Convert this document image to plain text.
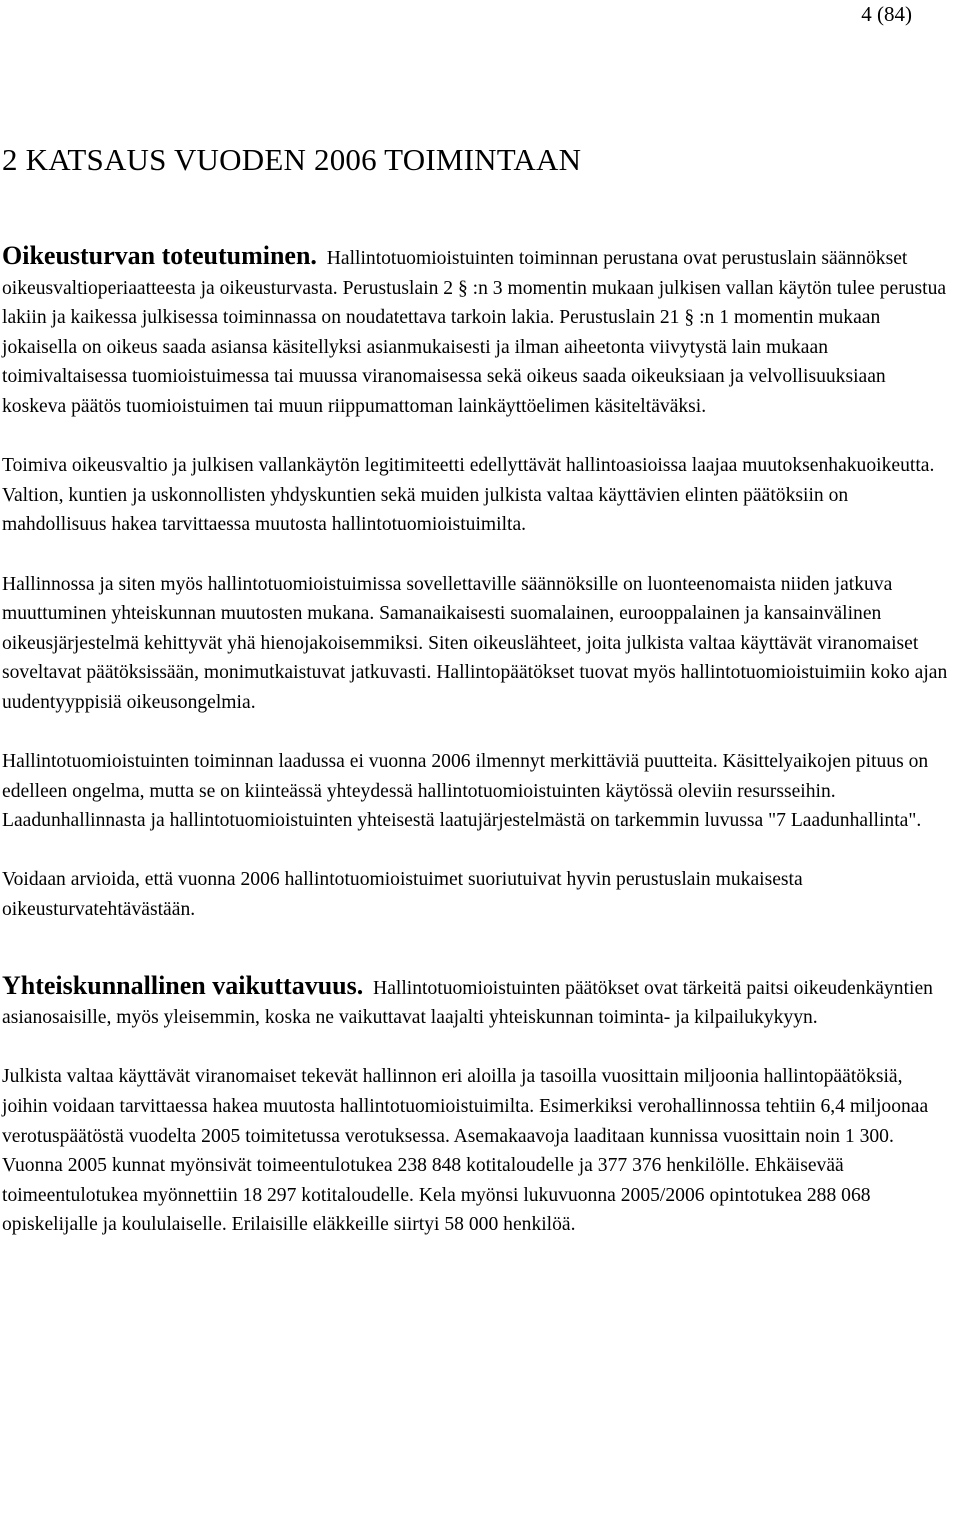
4 (84)
2 KATSAUS VUODEN 2006 TOIMINTAAN

Oikeusturvan toteutuminen. Hallintotuomioistuinten toiminnan perustana ovat perustuslain säännökset oikeusvaltioperiaatteesta ja oikeusturvasta. Perustuslain 2 § :n 3 momentin mukaan julkisen vallan käytön tulee perustua lakiin ja kaikessa julkisessa toiminnassa on noudatettava tarkoin lakia. Perustuslain 21 § :n 1 momentin mukaan jokaisella on oikeus saada asiansa käsitellyksi asianmukaisesti ja ilman aiheetonta viivytystä lain mukaan toimivaltaisessa tuomioistuimessa tai muussa viranomaisessa sekä oikeus saada oikeuksiaan ja velvollisuuksiaan koskeva päätös tuomioistuimen tai muun riippumattoman lainkäyttöelimen käsiteltäväksi.

Toimiva oikeusvaltio ja julkisen vallankäytön legitimiteetti edellyttävät hallintoasioissa laajaa muutoksenhakuoikeutta. Valtion, kuntien ja uskonnollisten yhdyskuntien sekä muiden julkista valtaa käyttävien elinten päätöksiin on mahdollisuus hakea tarvittaessa muutosta hallintotuomioistuimilta.

Hallinnossa ja siten myös hallintotuomioistuimissa sovellettaville säännöksille on luonteenomaista niiden jatkuva muuttuminen yhteiskunnan muutosten mukana. Samanaikaisesti suomalainen, eurooppalainen ja kansainvälinen oikeusjärjestelmä kehittyvät yhä hienojakoisemmiksi. Siten oikeuslähteet, joita julkista valtaa käyttävät viranomaiset soveltavat päätöksissään, monimutkaistuvat jatkuvasti. Hallintopäätökset tuovat myös hallintotuomioistuimiin koko ajan uudentyyppisiä oikeusongelmia.

Hallintotuomioistuinten toiminnan laadussa ei vuonna 2006 ilmennyt merkittäviä puutteita. Käsittelyaikojen pituus on edelleen ongelma, mutta se on kiinteässä yhteydessä hallintotuomioistuinten käytössä oleviin resursseihin. Laadunhallinnasta ja hallintotuomioistuinten yhteisestä laatujärjestelmästä on tarkemmin luvussa "7 Laadunhallinta".

Voidaan arvioida, että vuonna 2006 hallintotuomioistuimet suoriutuivat hyvin perustuslain mukaisesta oikeusturvatehtävästään.

Yhteiskunnallinen vaikuttavuus. Hallintotuomioistuinten päätökset ovat tärkeitä paitsi oikeudenkäyntien asianosaisille, myös yleisemmin, koska ne vaikuttavat laajalti yhteiskunnan toiminta- ja kilpailukykyyn.

Julkista valtaa käyttävät viranomaiset tekevät hallinnon eri aloilla ja tasoilla vuosittain miljoonia hallintopäätöksiä, joihin voidaan tarvittaessa hakea muutosta hallintotuomioistuimilta. Esimerkiksi verohallinnossa tehtiin 6,4 miljoonaa verotuspäätöstä vuodelta 2005 toimitetussa verotuksessa. Asemakaavoja laaditaan kunnissa vuosittain noin 1 300. Vuonna 2005 kunnat myönsivät toimeentulotukea 238 848 kotitaloudelle ja 377 376 henkilölle. Ehkäisevää toimeentulotukea myönnettiin 18 297 kotitaloudelle. Kela myönsi lukuvuonna 2005/2006 opintotukea 288 068 opiskelijalle ja koululaiselle. Erilaisille eläkkeille siirtyi 58 000 henkilöä.
